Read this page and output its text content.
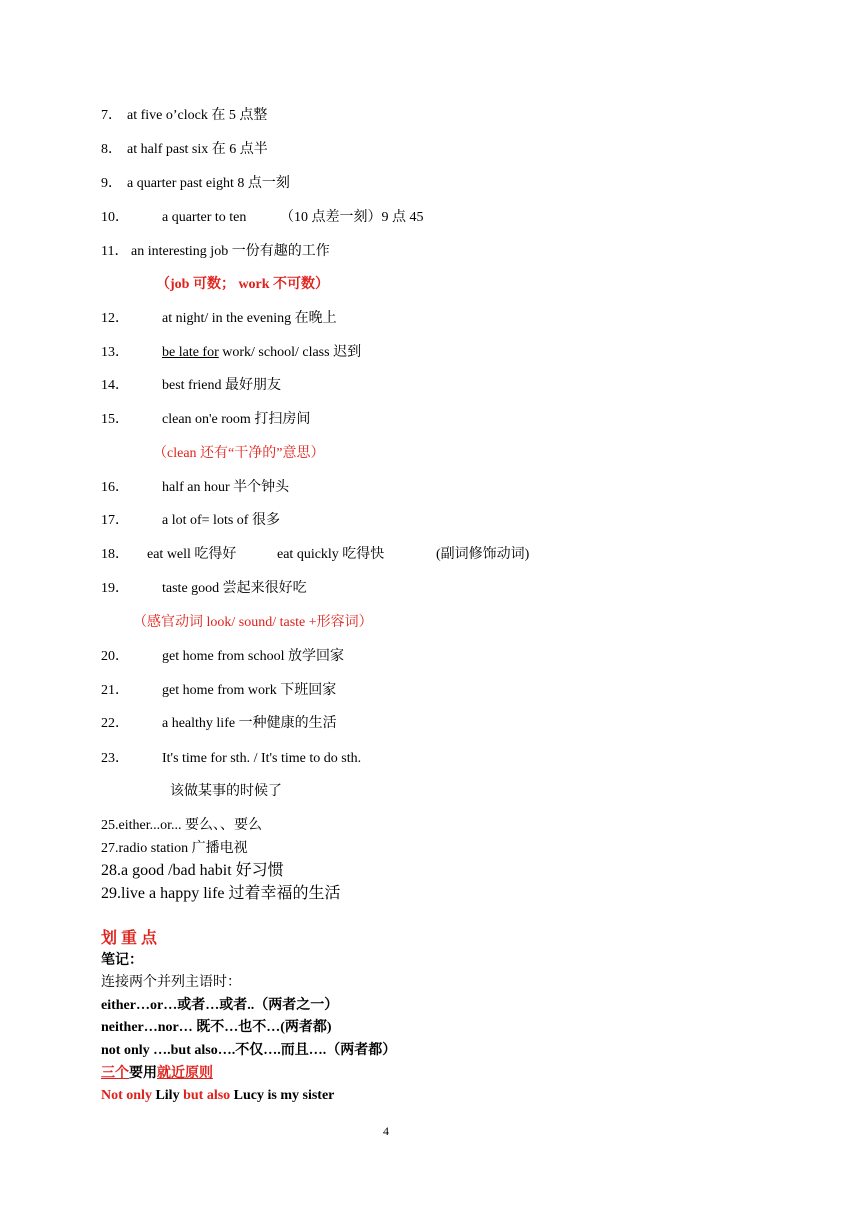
7． at five o’clock 在 5 点整
8． at half past six 在 6 点半
9． a quarter past eight 8 点一刻
10． a quarter to ten （10 点差一刻）9 点 45
11． an interesting job 一份有趣的工作
（job 可数； work 不可数）
12． at night/ in the evening 在晚上
13． be late for work/ school/ class 迟到
14． best friend 最好朋友
15． clean on'e room 打扫房间
（clean 还有“干净的”意思）
16． half an hour 半个钟头
17． a lot of= lots of 很多
18． eat well 吃得好	eat quickly 吃得快	(副词修饰动词)
19． taste good 尝起来很好吃
（感官动词 look/ sound/ taste +形容词）
20． get home from school 放学回家
21． get home from work 下班回家
22． a healthy life 一种健康的生活
23． It's time for sth. / It's time to do sth.
该做某事的时候了
25.either...or... 要么、、要么
27.radio station 广播电视
28.a good /bad habit 好习惯
29.live a happy life 过着幸福的生活
划 重 点
笔记：
连接两个并列主语时：
either…or…或者…或者..（两者之一）
neither…nor… 既不…也不…(两者都)
not only ….but also….不仅….而且….（两者都）
三个要用就近原则
Not only Lily but also Lucy is my sister
4
